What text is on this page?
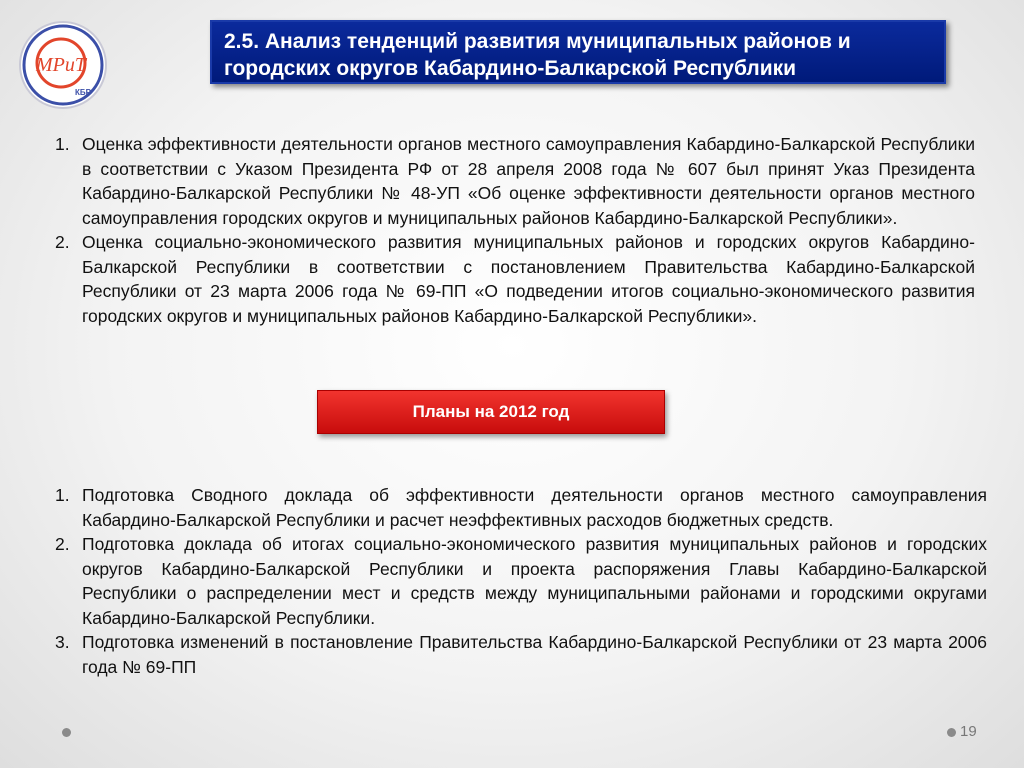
МРиТ
КБР
2.5. Анализ тенденций развития муниципальных районов и городских округов Кабардино-Балкарской Республики
1. Оценка эффективности деятельности органов местного самоуправления Кабардино-Балкарской Республики в соответствии с Указом Президента РФ от 28 апреля 2008 года № 607 был принят Указ Президента Кабардино-Балкарской Республики № 48-УП «Об оценке эффективности деятельности органов местного самоуправления городских округов и муниципальных районов Кабардино-Балкарской Республики».
2. Оценка социально-экономического развития муниципальных районов и городских округов Кабардино-Балкарской Республики в соответствии с постановлением Правительства Кабардино-Балкарской Республики от 23 марта 2006 года № 69-ПП «О подведении итогов социально-экономического развития городских округов и муниципальных районов Кабардино-Балкарской Республики».
Планы на 2012 год
1. Подготовка Сводного доклада об эффективности деятельности органов местного самоуправления Кабардино-Балкарской Республики и расчет неэффективных расходов бюджетных средств.
2. Подготовка доклада об итогах социально-экономического развития муниципальных районов и городских округов Кабардино-Балкарской Республики и проекта распоряжения Главы Кабардино-Балкарской Республики о распределении мест и средств между муниципальными районами и городскими округами Кабардино-Балкарской Республики.
3. Подготовка изменений в постановление Правительства Кабардино-Балкарской Республики от 23 марта 2006 года № 69-ПП
19
